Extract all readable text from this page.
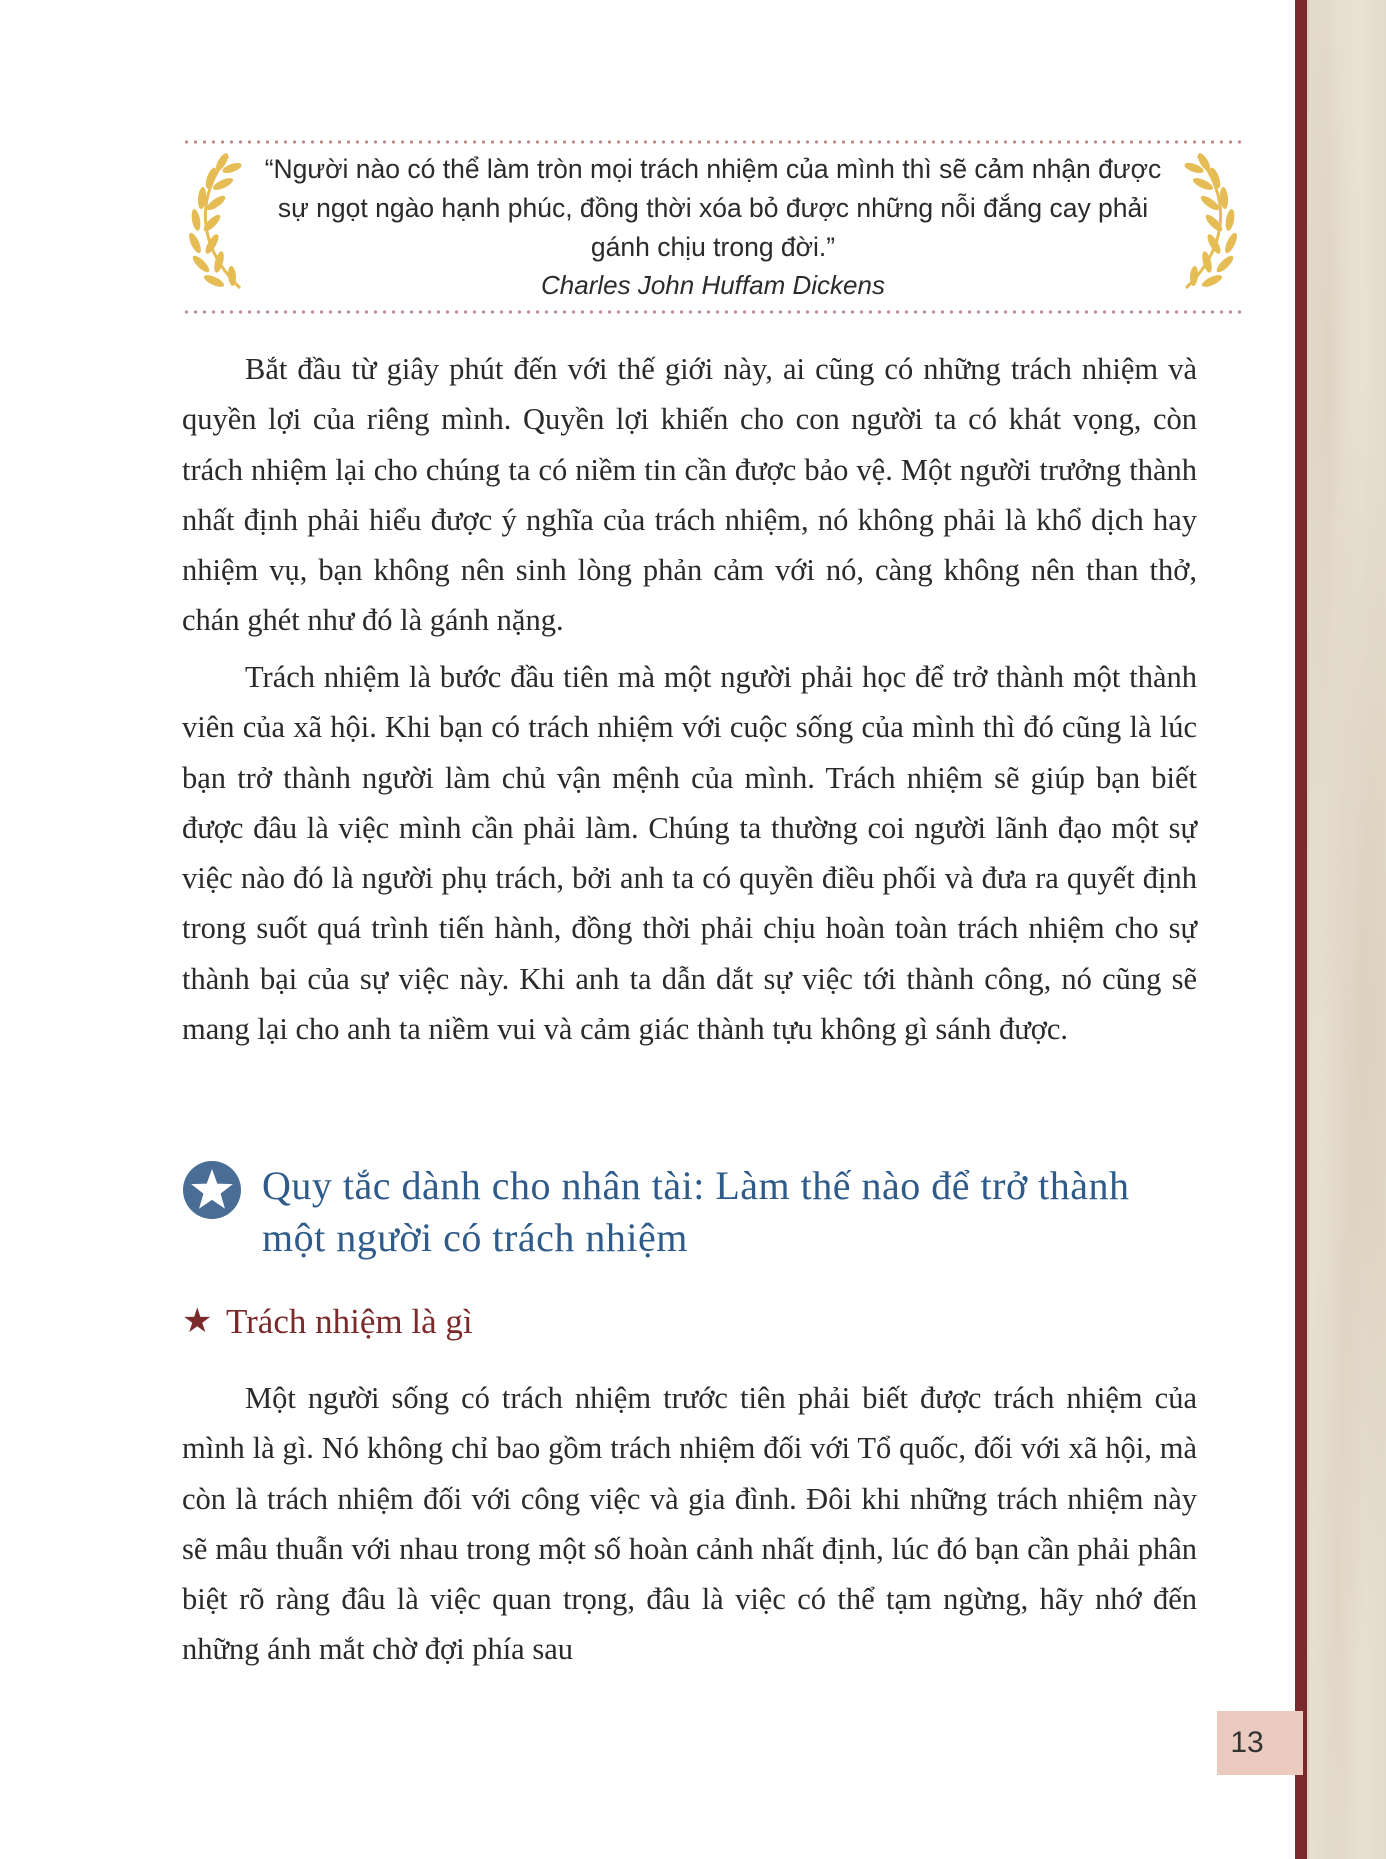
“Người nào có thể làm tròn mọi trách nhiệm của mình thì sẽ cảm nhận được
sự ngọt ngào hạnh phúc, đồng thời xóa bỏ được những nỗi đắng cay phải
gánh chịu trong đời.”
Charles John Huffam Dickens

Bắt đầu từ giây phút đến với thế giới này, ai cũng có những trách nhiệm và quyền lợi của riêng mình. Quyền lợi khiến cho con người ta có khát vọng, còn trách nhiệm lại cho chúng ta có niềm tin cần được bảo vệ. Một người trưởng thành nhất định phải hiểu được ý nghĩa của trách nhiệm, nó không phải là khổ dịch hay nhiệm vụ, bạn không nên sinh lòng phản cảm với nó, càng không nên than thở, chán ghét như đó là gánh nặng.

Trách nhiệm là bước đầu tiên mà một người phải học để trở thành một thành viên của xã hội. Khi bạn có trách nhiệm với cuộc sống của mình thì đó cũng là lúc bạn trở thành người làm chủ vận mệnh của mình. Trách nhiệm sẽ giúp bạn biết được đâu là việc mình cần phải làm. Chúng ta thường coi người lãnh đạo một sự việc nào đó là người phụ trách, bởi anh ta có quyền điều phối và đưa ra quyết định trong suốt quá trình tiến hành, đồng thời phải chịu hoàn toàn trách nhiệm cho sự thành bại của sự việc này. Khi anh ta dẫn dắt sự việc tới thành công, nó cũng sẽ mang lại cho anh ta niềm vui và cảm giác thành tựu không gì sánh được.

Quy tắc dành cho nhân tài: Làm thế nào để trở thành một người có trách nhiệm
★ Trách nhiệm là gì

Một người sống có trách nhiệm trước tiên phải biết được trách nhiệm của mình là gì. Nó không chỉ bao gồm trách nhiệm đối với Tổ quốc, đối với xã hội, mà còn là trách nhiệm đối với công việc và gia đình. Đôi khi những trách nhiệm này sẽ mâu thuẫn với nhau trong một số hoàn cảnh nhất định, lúc đó bạn cần phải phân biệt rõ ràng đâu là việc quan trọng, đâu là việc có thể tạm ngừng, hãy nhớ đến những ánh mắt chờ đợi phía sau

13
